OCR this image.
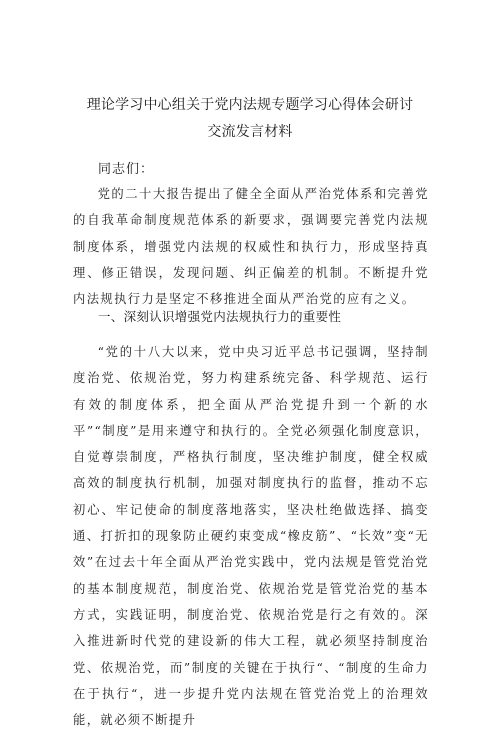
理论学习中心组关于党内法规专题学习心得体会研讨
交流发言材料
同志们：

党的二十大报告提出了健全全面从严治党体系和完善党的自我革命制度规范体系的新要求，强调要完善党内法规制度体系，增强党内法规的权威性和执行力，形成坚持真理、修正错误，发现问题、纠正偏差的机制。不断提升党内法规执行力是坚定不移推进全面从严治党的应有之义。

一、深刻认识增强党内法规执行力的重要性

“党的十八大以来，党中央习近平总书记强调，坚持制度治党、依规治党，努力构建系统完备、科学规范、运行有效的制度体系，把全面从严治党提升到一个新的水平”“制度”是用来遵守和执行的。全党必须强化制度意识，自觉尊崇制度，严格执行制度，坚决维护制度，健全权威高效的制度执行机制，加强对制度执行的监督，推动不忘初心、牢记使命的制度落地落实，坚决杜绝做选择、搞变通、打折扣的现象防止硬约束变成“橡皮筋”、“长效”变“无效”在过去十年全面从严治党实践中，党内法规是管党治党的基本制度规范，制度治党、依规治党是管党治党的基本方式，实践证明，制度治党、依规治党是行之有效的。深入推进新时代党的建设新的伟大工程，就必须坚持制度治党、依规治党，而”制度的关键在于执行“、“制度的生命力在于执行“，进一步提升党内法规在管党治党上的治理效能，就必须不断提升
